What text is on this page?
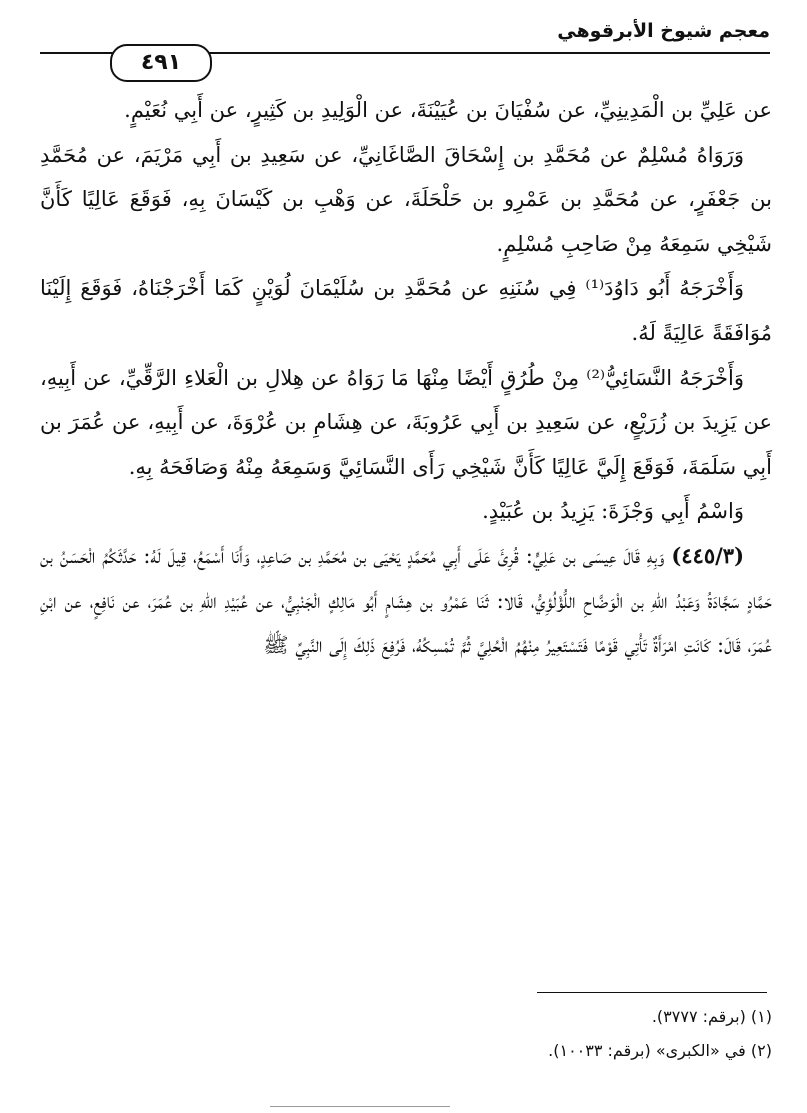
معجم شيوخ الأبرقوهي
٤٩١

عن عَلِيِّ بن الْمَدِينِيِّ، عن سُفْيَانَ بن عُيَيْنَةَ، عن الْوَلِيدِ بن كَثِيرٍ، عن أَبِي نُعَيْمٍ.

وَرَوَاهُ مُسْلِمٌ عن مُحَمَّدِ بن إِسْحَاقَ الصَّاغَانِيِّ، عن سَعِيدِ بن أَبِي مَرْيَمَ، عن مُحَمَّدِ بن جَعْفَرٍ، عن مُحَمَّدِ بن عَمْرِو بن حَلْحَلَةَ، عن وَهْبِ بن كَيْسَانَ بِهِ، فَوَقَعَ عَالِيًا كَأَنَّ شَيْخِي سَمِعَهُ مِنْ صَاحِبِ مُسْلِمٍ.

وَأَخْرَجَهُ أَبُو دَاوُدَ⁽¹⁾ فِي سُنَنِهِ عن مُحَمَّدِ بن سُلَيْمَانَ لُوَيْنٍ كَمَا أَخْرَجْنَاهُ، فَوَقَعَ إِلَيْنَا مُوَافَقَةً عَالِيَةً لَهُ.

وَأَخْرَجَهُ النَّسَائِيُّ⁽²⁾ مِنْ طُرُقٍ أَيْضًا مِنْهَا مَا رَوَاهُ عن هِلالِ بن الْعَلاءِ الرَّقِّيِّ، عن أَبِيهِ، عن يَزِيدَ بن زُرَيْعٍ، عن سَعِيدِ بن أَبِي عَرُوبَةَ، عن هِشَامِ بن عُرْوَةَ، عن أَبِيهِ، عن عُمَرَ بن أَبِي سَلَمَةَ، فَوَقَعَ إِلَيَّ عَالِيًا كَأَنَّ شَيْخِي رَأَى النَّسَائِيَّ وَسَمِعَهُ مِنْهُ وَصَافَحَهُ بِهِ.

وَاسْمُ أَبِي وَجْزَةَ: يَزِيدُ بن عُبَيْدٍ.

(٤٤٥/٣) وَبِهِ قَالَ عِيسَى بن عَلِيٍّ: قُرِئَ عَلَى أَبِي مُحَمَّدٍ يَحْيَى بن مُحَمَّدِ بن صَاعِدٍ، وَأَنَا أَسْمَعُ، قِيلَ لَهُ: حَدَّثَكُمُ الْحَسَنُ بن حَمَّادٍ سَجَّادَةُ وَعَبْدُ اللهِ بن الْوَضَّاحِ اللُّؤْلُؤِيُّ، قَالا: ثَنَا عَمْرُو بن هِشَامٍ أَبُو مَالِكٍ الْجَنْبِيُّ، عن عُبَيْدِ اللهِ بن عُمَرَ، عن نَافِعٍ، عن ابْنِ عُمَرَ، قَالَ: كَانَتِ امْرَأَةٌ تَأْتِي قَوْمًا فَتَسْتَعِيرُ مِنْهُمُ الْحُلِيَّ ثُمَّ تُمْسِكُهُ، فَرُفِعَ ذَلِكَ إِلَى النَّبِيِّ ﷺ

(١) (برقم: ٣٧٧٧).

(٢) في «الكبرى» (برقم: ١٠٠٣٣).
